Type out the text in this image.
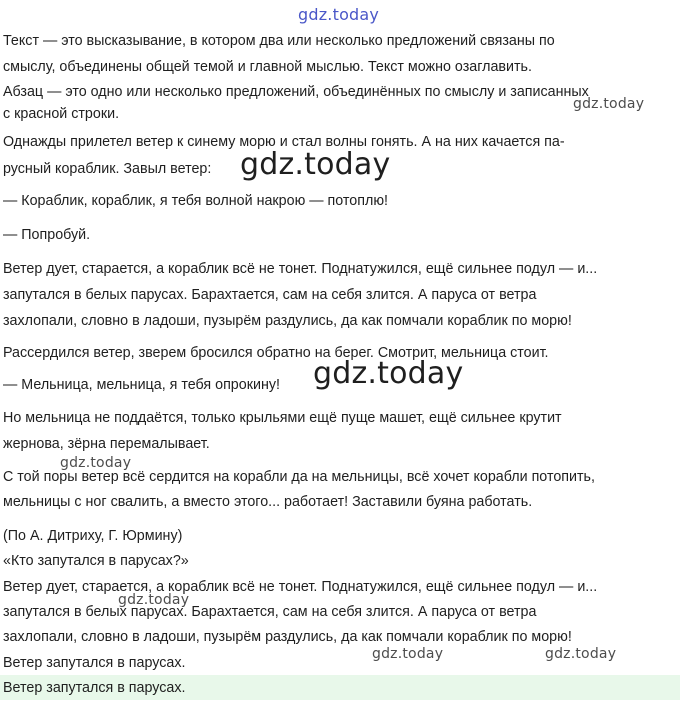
gdz.today
Текст — это высказывание, в котором два или несколько предложений связаны по
смыслу, объединены общей темой и главной мыслью. Текст можно озаглавить.
Абзац — это одно или несколько предложений, объединённых по смыслу и записанных
с красной строки.
Однажды прилетел ветер к синему морю и стал волны гонять. А на них качается па-
русный кораблик. Завыл ветер:
— Кораблик, кораблик, я тебя волной накрою — потоплю!
— Попробуй.
Ветер дует, старается, а кораблик всё не тонет. Поднатужился, ещё сильнее подул — и...
запутался в белых парусах. Барахтается, сам на себя злится. А паруса от ветра
захлопали, словно в ладоши, пузырём раздулись, да как помчали кораблик по морю!
Рассердился ветер, зверем бросился обратно на берег. Смотрит, мельница стоит.
— Мельница, мельница, я тебя опрокину!
Но мельница не поддаётся, только крыльями ещё пуще машет, ещё сильнее крутит
жернова, зёрна перемалывает.
С той поры ветер всё сердится на корабли да на мельницы, всё хочет корабли потопить,
мельницы с ног свалить, а вместо этого... работает! Заставили буяна работать.
(По А. Дитриху, Г. Юрмину)
«Кто запутался в парусах?»
Ветер дует, старается, а кораблик всё не тонет. Поднатужился, ещё сильнее подул — и...
запутался в белых парусах. Барахтается, сам на себя злится. А паруса от ветра
захлопали, словно в ладоши, пузырём раздулись, да как помчали кораблик по морю!
Ветер запутался в парусах.
Ветер запутался в парусах.
gdz.today
gdz.today
gdz.today
gdz.today
gdz.today
gdz.today	gdz.today
